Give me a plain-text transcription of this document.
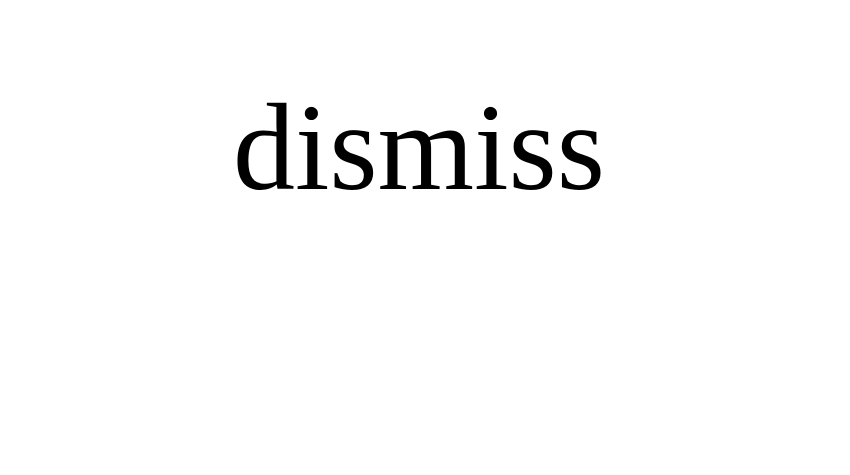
dismiss
